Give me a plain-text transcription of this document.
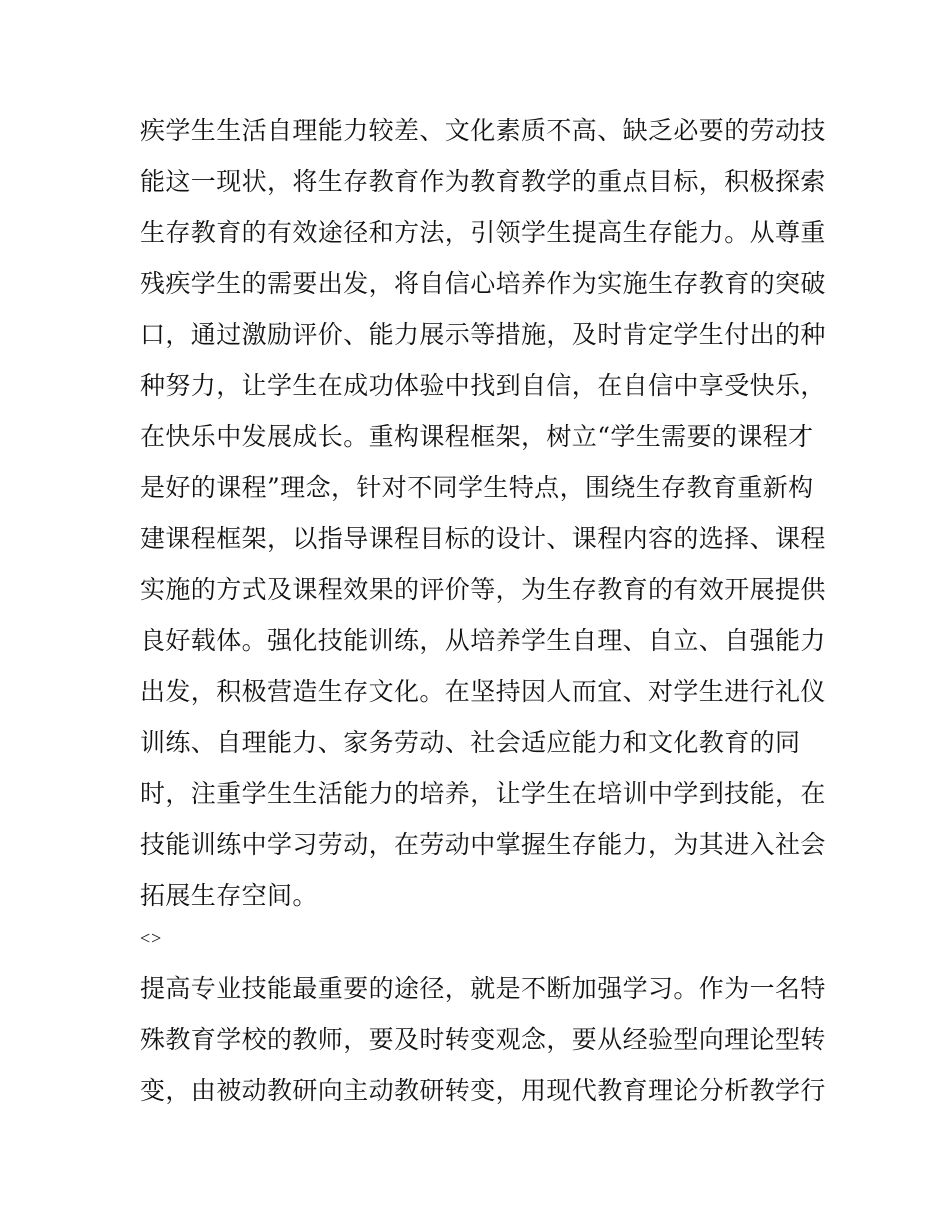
疾学生生活自理能力较差、文化素质不高、缺乏必要的劳动技
能这一现状，将生存教育作为教育教学的重点目标，积极探索
生存教育的有效途径和方法，引领学生提高生存能力。从尊重
残疾学生的需要出发，将自信心培养作为实施生存教育的突破
口，通过激励评价、能力展示等措施，及时肯定学生付出的种
种努力，让学生在成功体验中找到自信，在自信中享受快乐，
在快乐中发展成长。重构课程框架，树立“学生需要的课程才
是好的课程”理念，针对不同学生特点，围绕生存教育重新构
建课程框架，以指导课程目标的设计、课程内容的选择、课程
实施的方式及课程效果的评价等，为生存教育的有效开展提供
良好载体。强化技能训练，从培养学生自理、自立、自强能力
出发，积极营造生存文化。在坚持因人而宜、对学生进行礼仪
训练、自理能力、家务劳动、社会适应能力和文化教育的同
时，注重学生生活能力的培养，让学生在培训中学到技能，在
技能训练中学习劳动，在劳动中掌握生存能力，为其进入社会
拓展生存空间。
<>
提高专业技能最重要的途径，就是不断加强学习。作为一名特
殊教育学校的教师，要及时转变观念，要从经验型向理论型转
变，由被动教研向主动教研转变，用现代教育理论分析教学行
